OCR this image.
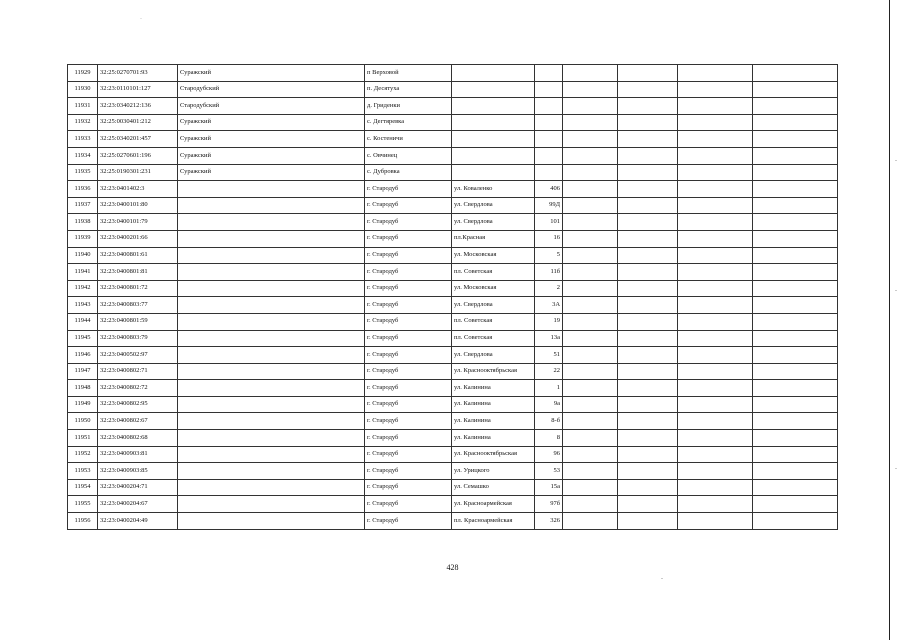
·
-
-
-
-
11929	32:25:0270701:93	Суражский	п Верховой						
11930	32:23:0110101:127	Стародубский	п. Десятуха						
11931	32:23:0340212:136	Стародубский	д. Гриденки						
11932	32:25:0030401:212	Суражский	с. Дегтяревка						
11933	32:25:0340201:457	Суражский	с. Костеничи						
11934	32:25:0270601:196	Суражский	с. Овчинец						
11935	32:25:0190301:231	Суражский	с. Дубровка						
11936	32:23:0401402:3		г. Стародуб	ул. Коваленко	406				
11937	32:23:0400101:80		г. Стародуб	ул. Свердлова	99Д				
11938	32:23:0400101:79		г. Стародуб	ул. Свердлова	101				
11939	32:23:0400201:66		г. Стародуб	пл.Красная	16				
11940	32:23:0400801:61		г. Стародуб	ул. Московская	5				
11941	32:23:0400801:81		г. Стародуб	пл. Советская	11б				
11942	32:23:0400801:72		г. Стародуб	ул. Московская	2				
11943	32:23:0400803:77		г. Стародуб	ул. Свердлова	3А				
11944	32:23:0400801:59		г. Стародуб	пл. Советская	19				
11945	32:23:0400803:79		г. Стародуб	пл. Советская	13а				
11946	32:23:0400502:97		г. Стародуб	ул. Свердлова	51				
11947	32:23:0400802:71		г. Стародуб	ул. Красноoктябрьская	22				
11948	32:23:0400802:72		г. Стародуб	ул. Калинина	1				
11949	32:23:0400802:95		г. Стародуб	ул. Калинина	9а				
11950	32:23:0400802:67		г. Стародуб	ул. Калинина	8-б				
11951	32:23:0400802:68		г. Стародуб	ул. Калинина	8				
11952	32:23:0400903:81		г. Стародуб	ул. Краснооктябрьская	96				
11953	32:23:0400903:85		г. Стародуб	ул. Урицкого	53				
11954	32:23:0400204:71		г. Стародуб	ул. Семашко	15а				
11955	32:23:0400204:67		г. Стародуб	ул. Красноармейская	97б				
11956	32:23:0400204:49		г. Стародуб	пл. Красноармейская	326				
428
